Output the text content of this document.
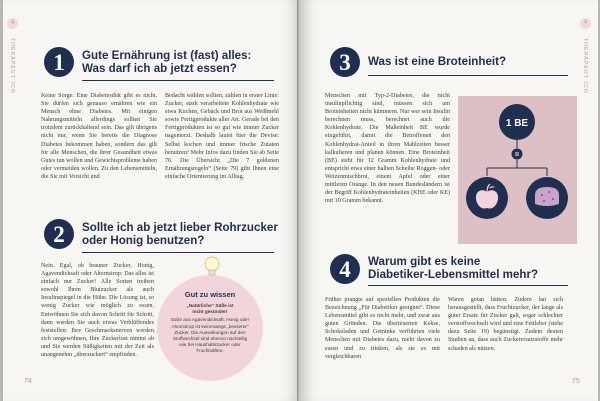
4
THERAPEUT ICH	1	Gute Ernährung ist (fast) alles:
Was darf ich ab jetzt essen?
Keine Sorge: Eine Diabetesdiät gibt es nicht. Sie dürfen sich genauso ernähren wie ein Mensch ohne Diabetes. Mit einigen Nahrungsmitteln allerdings sollten Sie trotzdem zurückhaltend sein. Das gilt übrigens nicht nur, wenn Sie bereits die Diagnose Diabetes bekommen haben, sondern das gilt für alle Menschen, die ihrer Gesundheit etwas Gutes tun wollen und Gewichtsprobleme haben oder vermeiden wollen. Zu den Lebensmitteln, die Sie mit Vorsicht und
Bedacht wählen sollten, zählen in erster Linie: Zucker, stark verarbeitete Kohlenhydrate wie etwa Kuchen, Gebäck und Brot aus Weißmehl sowie Fertigprodukte aller Art. Gerade bei den Fertigprodukten ist so gut wie immer Zucker nagemerzt. Deshalb lautet hier die Devise: Selbst kochen und immer frische Zutaten benutzen! Mehr Infos dazu finden Sie ab Seite 76. Die Übersicht „Die 7 goldenen Ernährungsregeln“ (Seite 79) gibt Ihnen eine einfache Orientierung im Alltag.
2	Sollte ich ab jetzt lieber Rohrzucker
oder Honig benutzen?
Nein. Egal, ob brauner Zucker, Honig, Agavendicksaft oder Ahornsirup: Das alles ist einfach nur Zucker! Alle Sorten treiben sowohl Ihren Blutzucker als auch Insulinspiegel in die Höhe. Die Lösung ist, so wenig Zucker wie möglich zu essen. Entwöhnen Sie sich davon Schritt für Schritt, dann werden Sie auch etwas Verblüffendes feststellen: Ihre Geschmacksnerven werden sich umgewöhnen, Ihre Zuckerlust nimmt ab und Sie werden Süßigkeiten mit der Zeit als unangenehm „überzuckert“ empfinden.
Gut zu wissen
„Natürliche“ Süße ist
nicht gesünder!
Süße aus Agavendicksaft, Honig oder Ahornsirup ist keineswegs „besserer“ Zucker. Die Auswirkungen auf den Stoffwechsel sind ebenso nachteilig wie bei Haushaltszucker oder Fruchtsäften.
74
4
THERAPEUT ICH
3	Was ist eine Broteinheit?
Menschen mit Typ-2-Diabetes, die nicht insulinpflichtig sind, müssen sich um Broteinheiten nicht kümmern. Nur wer sein Insulin berechnen muss, berechnet auch die Kohlenhydrate. Die Maßeinheit BE wurde eingeführt, damit die Betroffenen den Kohlenhydrat-Anteil in ihren Mahlzeiten besser kalkulieren und planen können. Eine Broteinheit (BE) steht für 12 Gramm Kohlenhydrate und entspricht etwa einer halben Scheibe Roggen- oder Weizenmischbrot, einem Apfel oder einer mittleren Orange. In den neuen Bundesländern ist der Begriff Kohlenhydrateinheiten (KHE oder KE) mit 10 Gramm bekannt.
1 BE
=
4	Warum gibt es keine
Diabetiker-Lebensmittel mehr?
Früher prangte auf speziellen Produkten die Bezeichnung „Für Diabetiker geeignet“. Diese Lebensmittel gibt es nicht mehr, und zwar aus guten Gründen. Die überteuerten Kekse, Schokoladen und Getränke verführten viele Menschen mit Diabetes dazu, mehr davon zu essen und zu trinken, als sie es mit vergleichbaren
Waren getan hätten. Zudem hat sich herausgestellt, dass Fruchtzucker, der lange als guter Ersatz für Zucker galt, sogar schlechter verstoffwechselt wird und eine Fettleber (siehe dazu Seite 19) begünstigt. Zudem deuten Studien an, dass auch Zuckerersatzstoffe mehr schaden als nützen.
75
